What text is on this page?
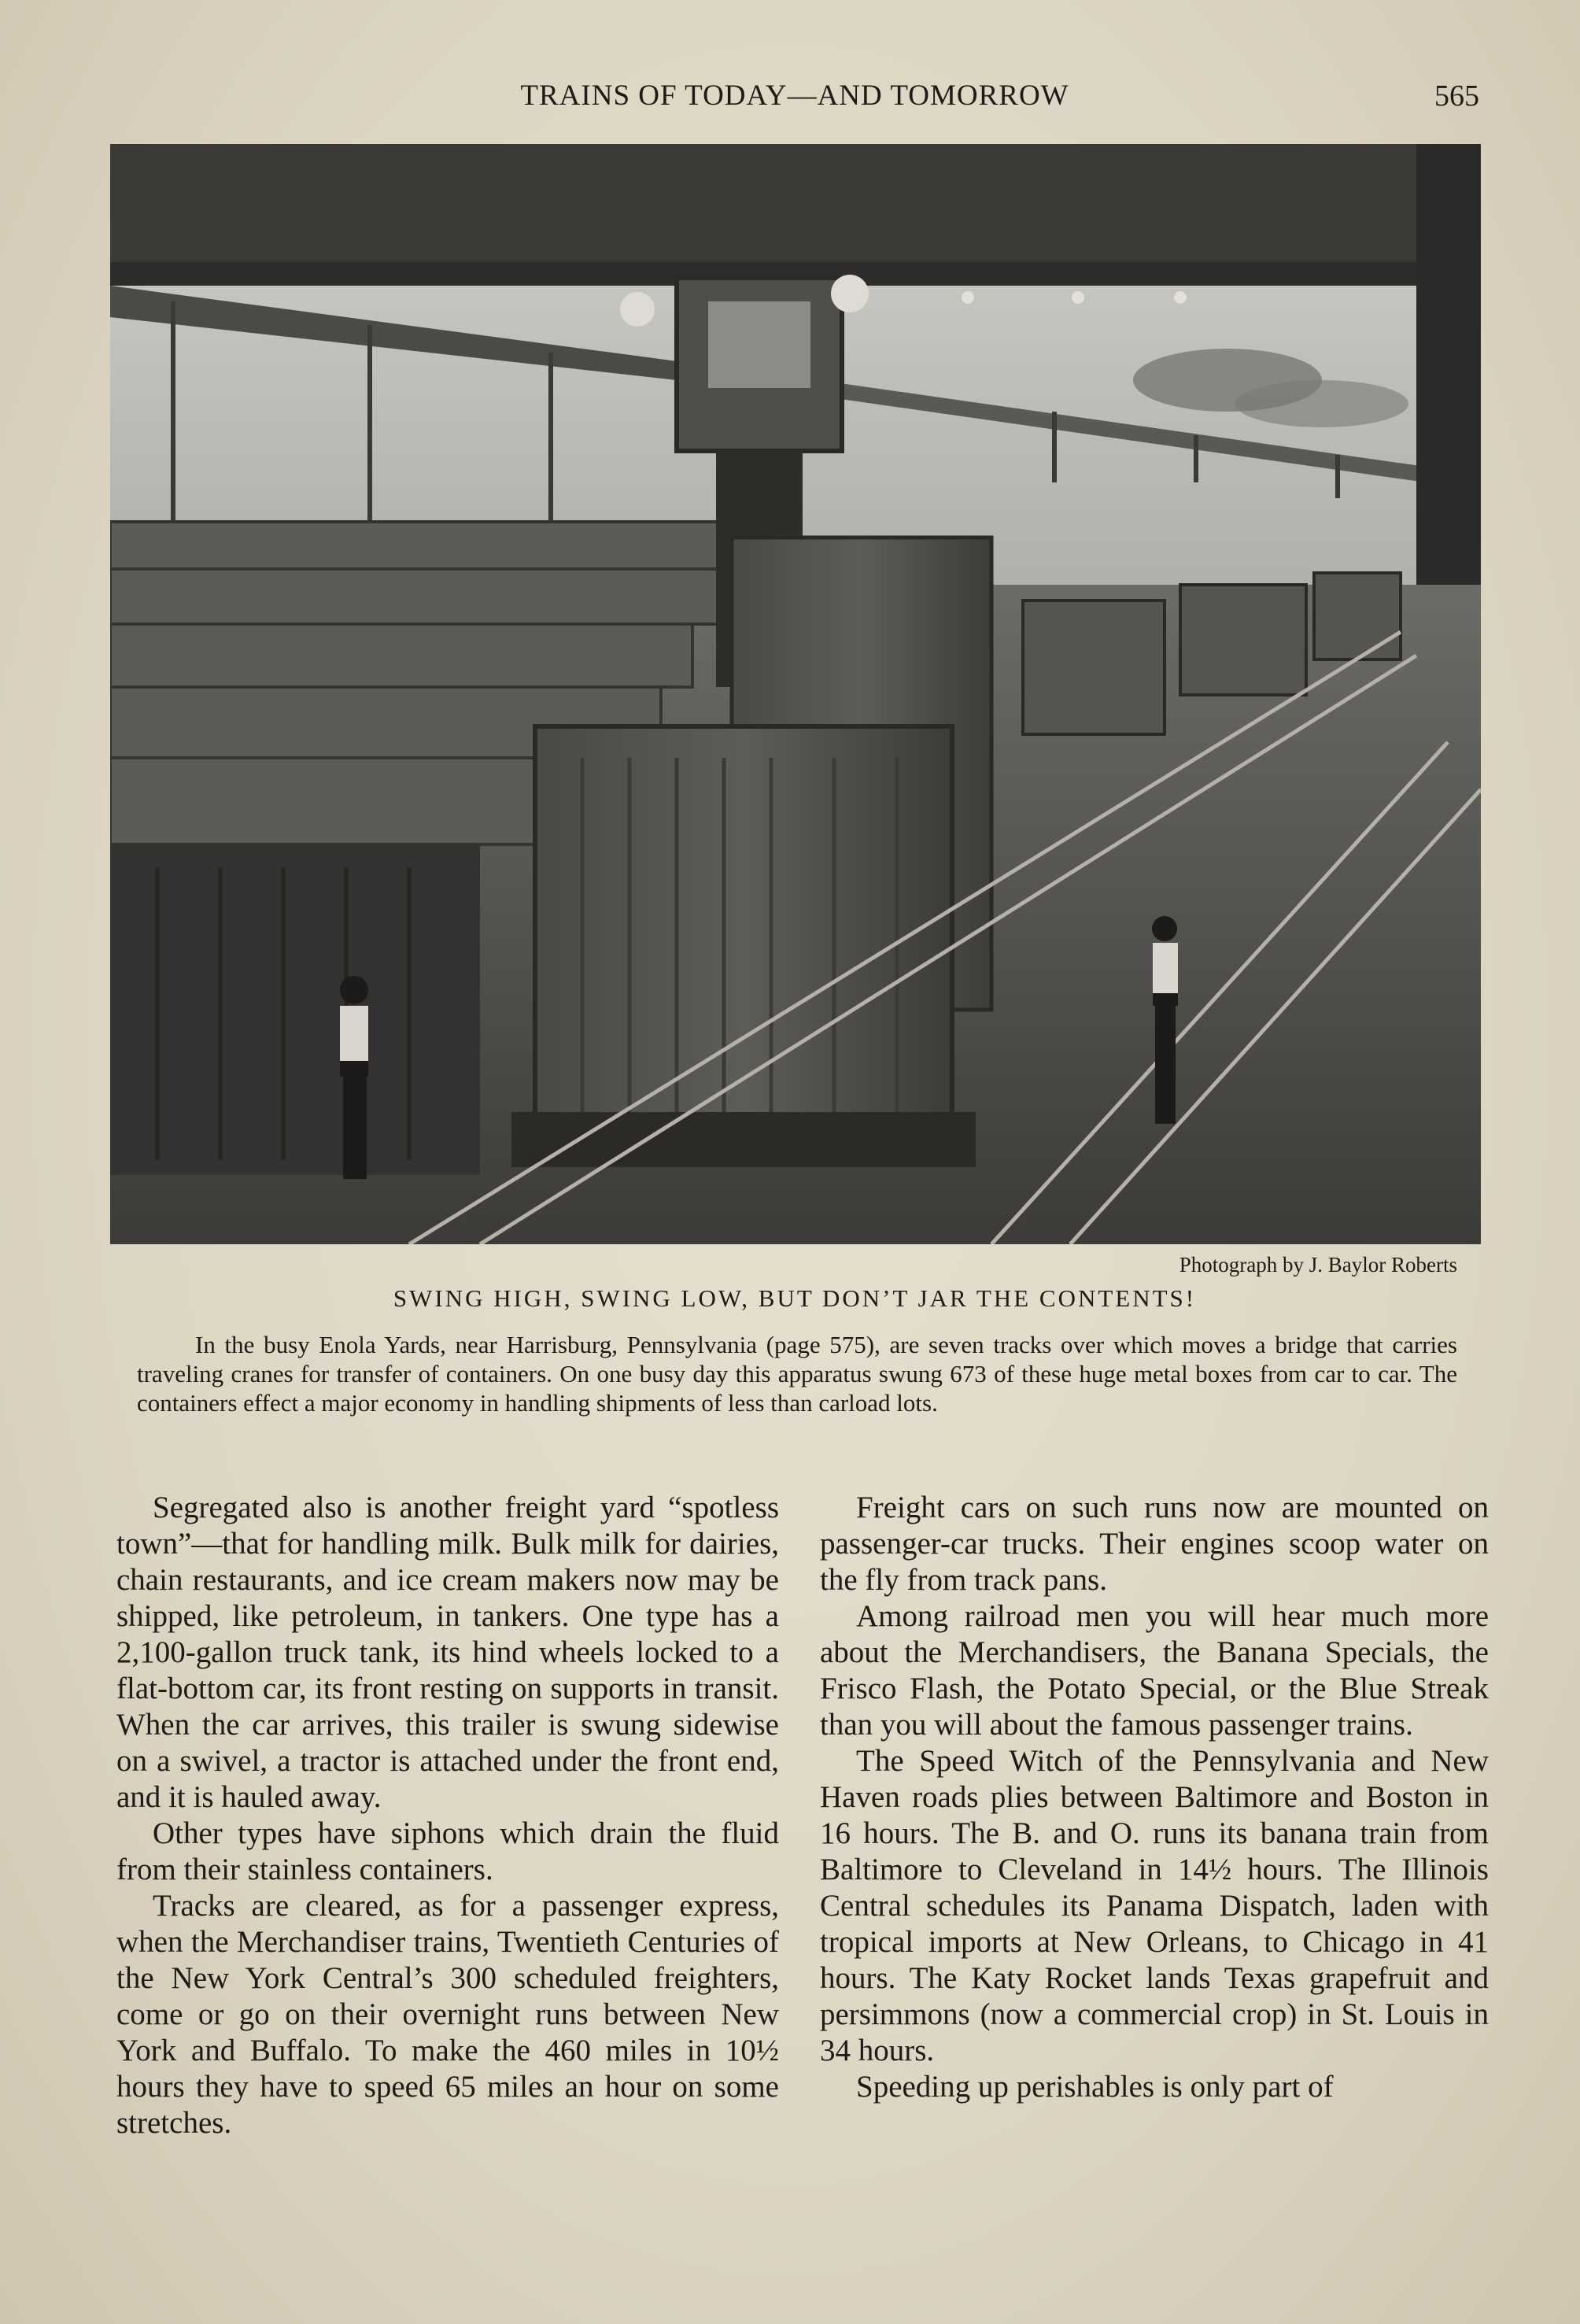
TRAINS OF TODAY—AND TOMORROW	565
Photograph by J. Baylor Roberts
SWING HIGH, SWING LOW, BUT DON’T JAR THE CONTENTS!
In the busy Enola Yards, near Harrisburg, Pennsylvania (page 575), are seven tracks over which moves a bridge that carries traveling cranes for transfer of containers. On one busy day this apparatus swung 673 of these huge metal boxes from car to car. The containers effect a major economy in handling shipments of less than carload lots.

Segregated also is another freight yard “spotless town”—that for handling milk. Bulk milk for dairies, chain restaurants, and ice cream makers now may be shipped, like petroleum, in tankers. One type has a 2,100-gallon truck tank, its hind wheels locked to a flat-bottom car, its front resting on supports in transit. When the car arrives, this trailer is swung sidewise on a swivel, a tractor is attached under the front end, and it is hauled away.

Other types have siphons which drain the fluid from their stainless containers.

Tracks are cleared, as for a passenger express, when the Merchandiser trains, Twentieth Centuries of the New York Central’s 300 scheduled freighters, come or go on their overnight runs between New York and Buffalo. To make the 460 miles in 10½ hours they have to speed 65 miles an hour on some stretches.

Freight cars on such runs now are mounted on passenger-car trucks. Their engines scoop water on the fly from track pans.

Among railroad men you will hear much more about the Merchandisers, the Banana Specials, the Frisco Flash, the Potato Special, or the Blue Streak than you will about the famous passenger trains.

The Speed Witch of the Pennsylvania and New Haven roads plies between Baltimore and Boston in 16 hours. The B. and O. runs its banana train from Baltimore to Cleveland in 14½ hours. The Illinois Central schedules its Panama Dispatch, laden with tropical imports at New Orleans, to Chicago in 41 hours. The Katy Rocket lands Texas grapefruit and persimmons (now a commercial crop) in St. Louis in 34 hours.

Speeding up perishables is only part of
